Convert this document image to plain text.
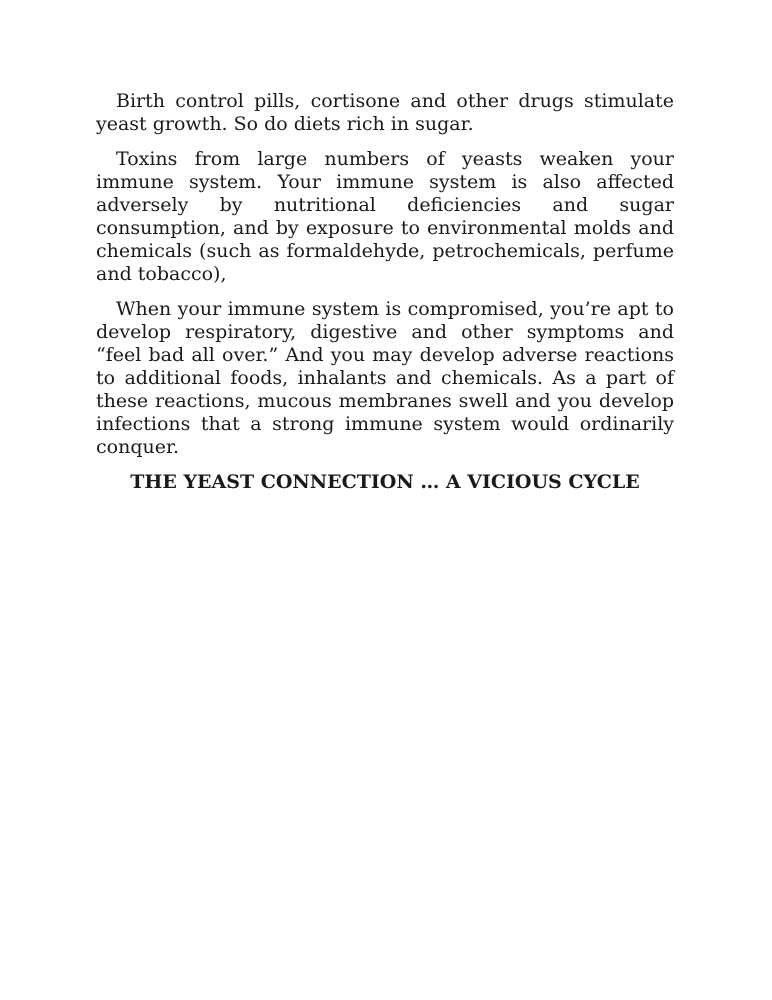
Birth control pills, cortisone and other drugs stimulate yeast growth. So do diets rich in sugar.

Toxins from large numbers of yeasts weaken your immune system. Your immune system is also affected adversely by nutritional deficiencies and sugar consumption, and by exposure to environmental molds and chemicals (such as formaldehyde, petrochemicals, perfume and tobacco),

When your immune system is compromised, you’re apt to develop respiratory, digestive and other symptoms and “feel bad all over.” And you may develop adverse reactions to additional foods, inhalants and chemicals. As a part of these reactions, mucous membranes swell and you develop infections that a strong immune system would ordinarily conquer.

THE YEAST CONNECTION … A VICIOUS CYCLE
